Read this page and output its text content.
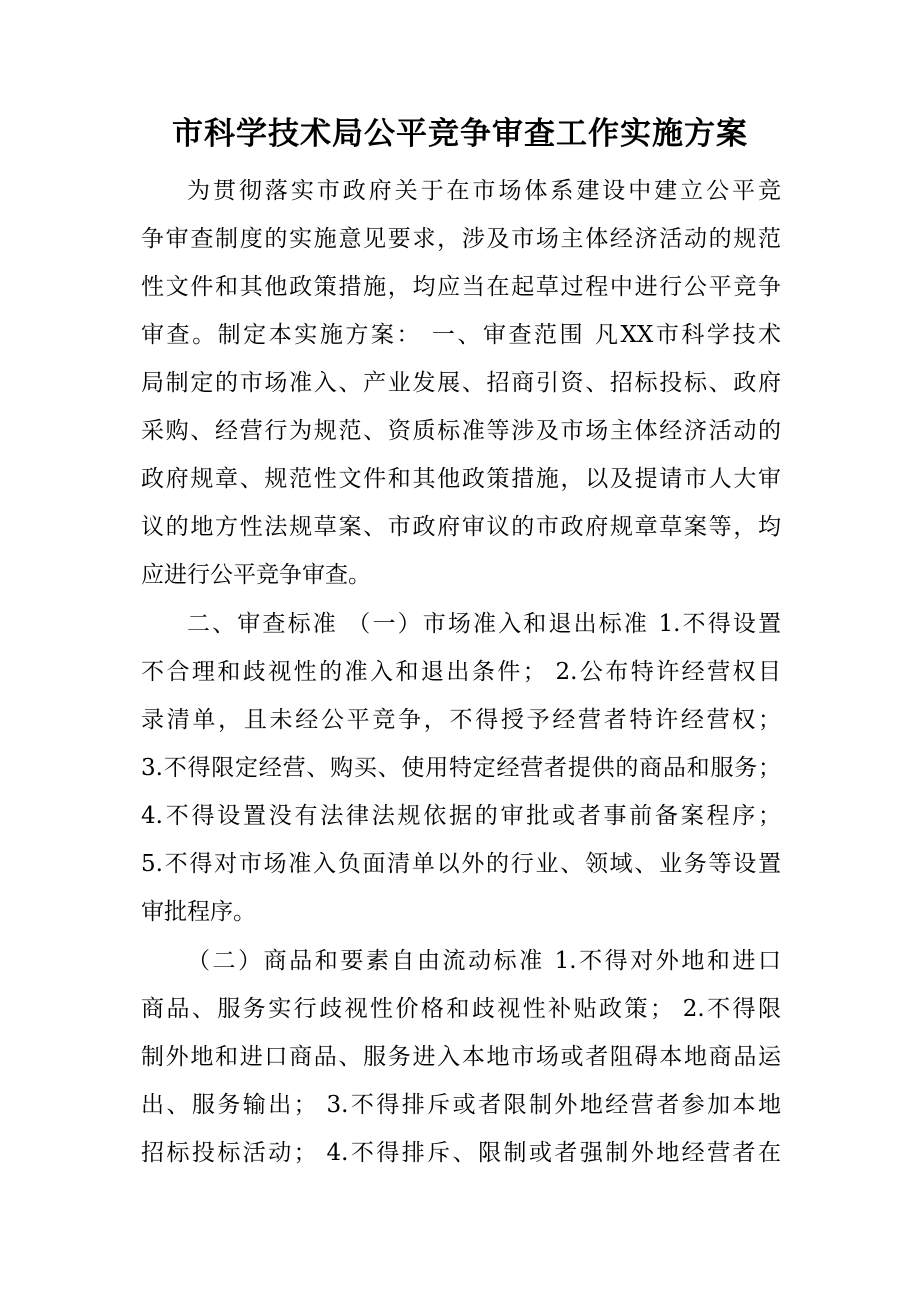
市科学技术局公平竞争审查工作实施方案
为贯彻落实市政府关于在市场体系建设中建立公平竞
争审查制度的实施意见要求，涉及市场主体经济活动的规范
性文件和其他政策措施，均应当在起草过程中进行公平竞争
审查。制定本实施方案： 一、审查范围 凡XX市科学技术
局制定的市场准入、产业发展、招商引资、招标投标、政府
采购、经营行为规范、资质标准等涉及市场主体经济活动的
政府规章、规范性文件和其他政策措施，以及提请市人大审
议的地方性法规草案、市政府审议的市政府规章草案等，均
应进行公平竞争审查。
二、审查标准 （一）市场准入和退出标准 1.不得设置
不合理和歧视性的准入和退出条件； 2.公布特许经营权目
录清单，且未经公平竞争，不得授予经营者特许经营权；
3.不得限定经营、购买、使用特定经营者提供的商品和服务；
4.不得设置没有法律法规依据的审批或者事前备案程序；
5.不得对市场准入负面清单以外的行业、领域、业务等设置
审批程序。
（二）商品和要素自由流动标准 1.不得对外地和进口
商品、服务实行歧视性价格和歧视性补贴政策； 2.不得限
制外地和进口商品、服务进入本地市场或者阻碍本地商品运
出、服务输出； 3.不得排斥或者限制外地经营者参加本地
招标投标活动； 4.不得排斥、限制或者强制外地经营者在
